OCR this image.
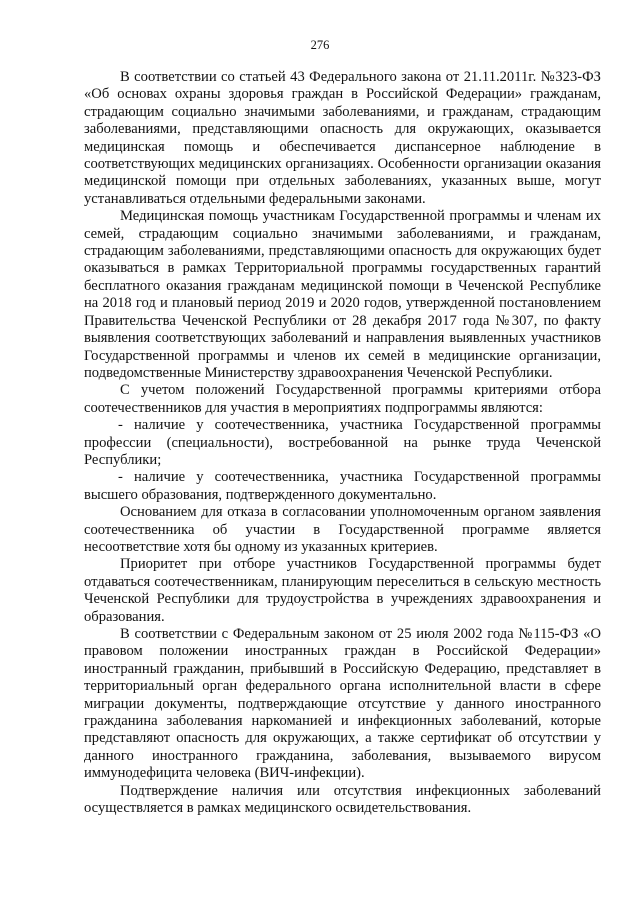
276

В соответствии со статьей 43 Федерального закона от 21.11.2011г. №323-ФЗ «Об основах охраны здоровья граждан в Российской Федерации» гражданам, страдающим социально значимыми заболеваниями, и гражданам, страдающим заболеваниями, представляющими опасность для окружающих, оказывается медицинская помощь и обеспечивается диспансерное наблюдение в соответствующих медицинских организациях. Особенности организации оказания медицинской помощи при отдельных заболеваниях, указанных выше, могут устанавливаться отдельными федеральными законами.

Медицинская помощь участникам Государственной программы и членам их семей, страдающим социально значимыми заболеваниями, и гражданам, страдающим заболеваниями, представляющими опасность для окружающих будет оказываться в рамках Территориальной программы государственных гарантий бесплатного оказания гражданам медицинской помощи в Чеченской Республике на 2018 год и плановый период 2019 и 2020 годов, утвержденной постановлением Правительства Чеченской Республики от 28 декабря 2017 года №307, по факту выявления соответствующих заболеваний и направления выявленных участников Государственной программы и членов их семей в медицинские организации, подведомственные Министерству здравоохранения Чеченской Республики.

С учетом положений Государственной программы критериями отбора соотечественников для участия в мероприятиях подпрограммы являются:

- наличие у соотечественника, участника Государственной программы профессии (специальности), востребованной на рынке труда Чеченской Республики;

- наличие у соотечественника, участника Государственной программы высшего образования, подтвержденного документально.

Основанием для отказа в согласовании уполномоченным органом заявления соотечественника об участии в Государственной программе является несоответствие хотя бы одному из указанных критериев.

Приоритет при отборе участников Государственной программы будет отдаваться соотечественникам, планирующим переселиться в сельскую местность Чеченской Республики для трудоустройства в учреждениях здравоохранения и образования.

В соответствии с Федеральным законом от 25 июля 2002 года №115-ФЗ «О правовом положении иностранных граждан в Российской Федерации» иностранный гражданин, прибывший в Российскую Федерацию, представляет в территориальный орган федерального органа исполнительной власти в сфере миграции документы, подтверждающие отсутствие у данного иностранного гражданина заболевания наркоманией и инфекционных заболеваний, которые представляют опасность для окружающих, а также сертификат об отсутствии у данного иностранного гражданина, заболевания, вызываемого вирусом иммунодефицита человека (ВИЧ-инфекции).

Подтверждение наличия или отсутствия инфекционных заболеваний осуществляется в рамках медицинского освидетельствования.
